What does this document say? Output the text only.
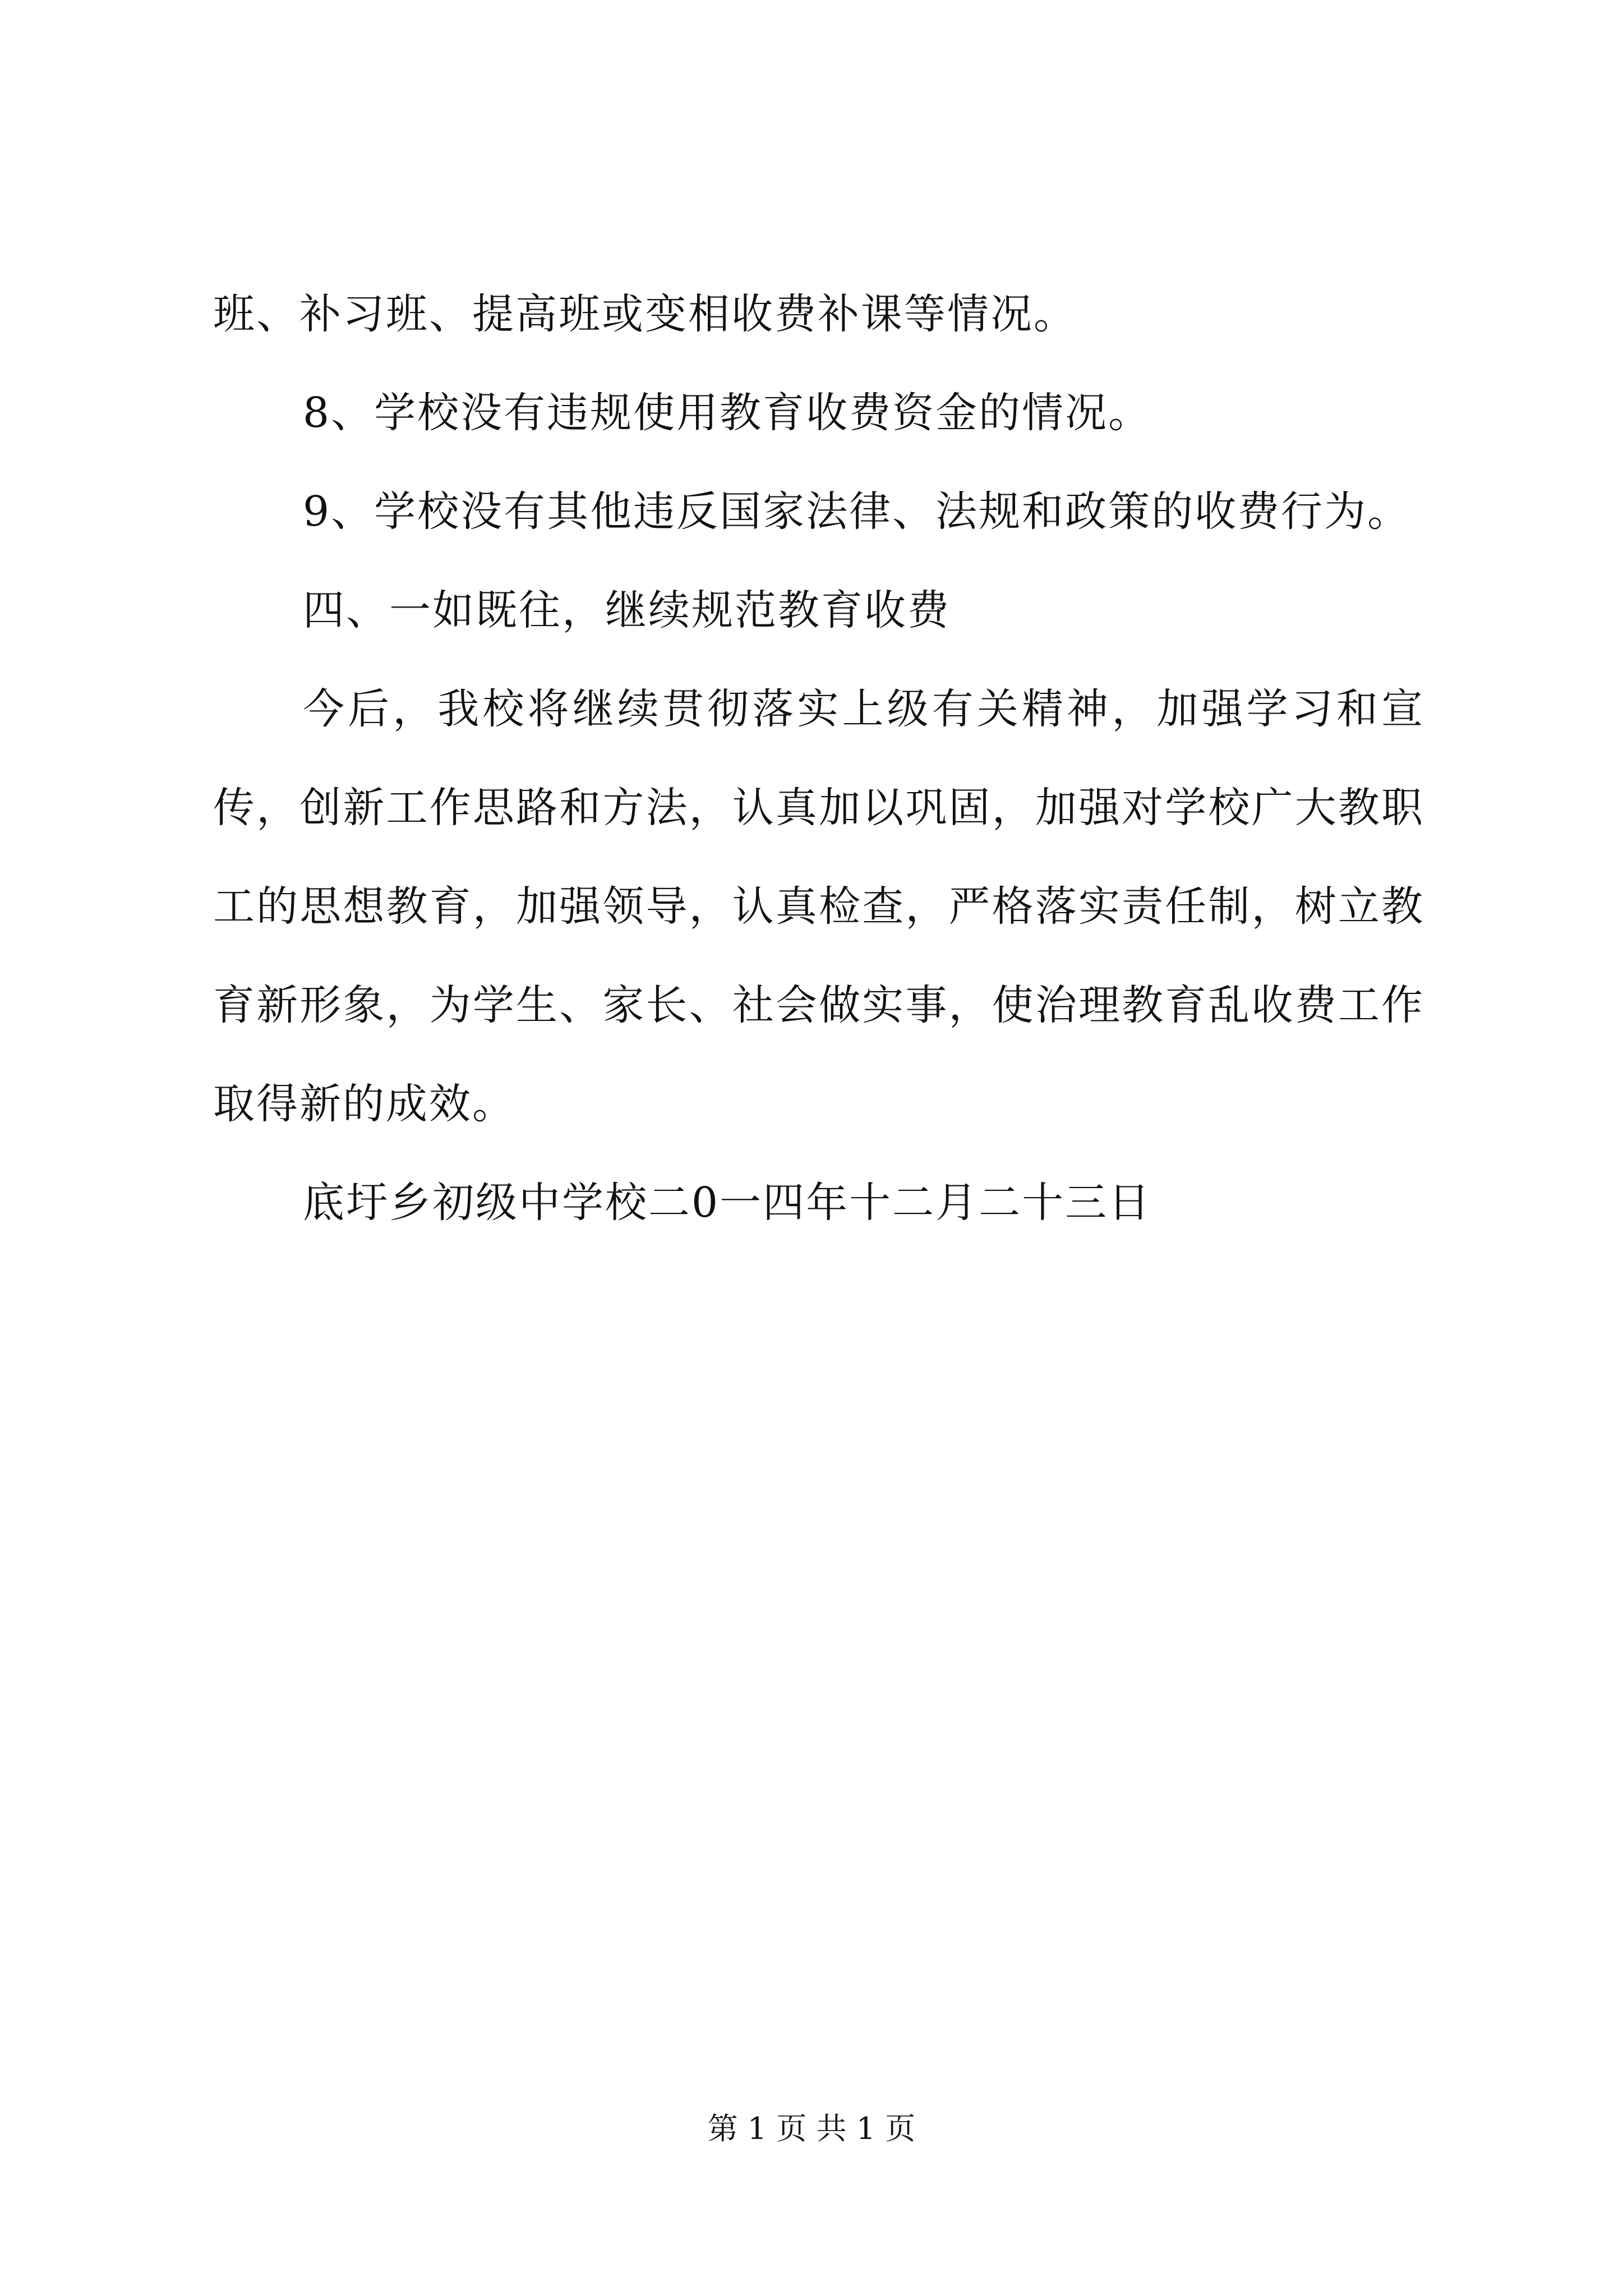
班、补习班、提高班或变相收费补课等情况。

8、学校没有违规使用教育收费资金的情况。

9、学校没有其他违反国家法律、法规和政策的收费行为。

四、一如既往，继续规范教育收费

今后，我校将继续贯彻落实上级有关精神，加强学习和宣传，创新工作思路和方法，认真加以巩固，加强对学校广大教职工的思想教育，加强领导，认真检查，严格落实责任制，树立教育新形象，为学生、家长、社会做实事，使治理教育乱收费工作取得新的成效。

底圩乡初级中学校二0一四年十二月二十三日

第 1 页 共 1 页
